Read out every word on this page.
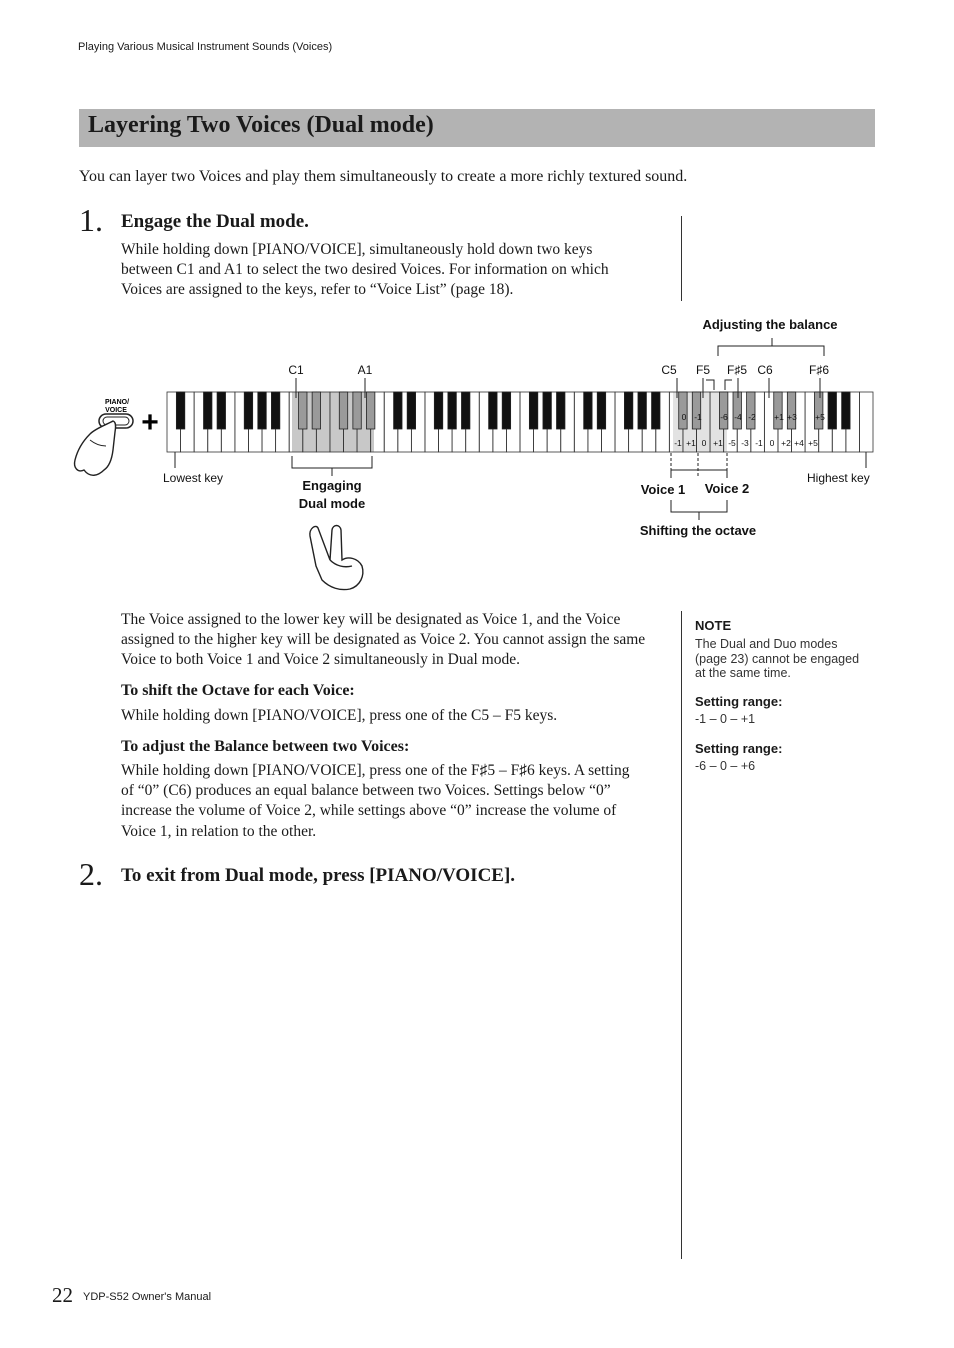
Playing Various Musical Instrument Sounds (Voices)
Layering Two Voices (Dual mode)
You can layer two Voices and play them simultaneously to create a more richly textured sound.
1. Engage the Dual mode.
While holding down [PIANO/VOICE], simultaneously hold down two keys
between C1 and A1 to select the two desired Voices. For information on which
Voices are assigned to the keys, refer to “Voice List” (page 18).
PIANO/
VOICE +
C1	A1	C5 F5 F♯5 C6	F♯6
Adjusting the balance
Lowest key	Highest key
Engaging
Dual mode
Voice 1 Voice 2
Shifting the octave
0 -1 -6 -4 -2 +1 +3 +5
-1 +1 0 +1 -5 -3 -1 0 +2 +4 +5
The Voice assigned to the lower key will be designated as Voice 1, and the Voice
assigned to the higher key will be designated as Voice 2. You cannot assign the same
Voice to both Voice 1 and Voice 2 simultaneously in Dual mode.
To shift the Octave for each Voice:
While holding down [PIANO/VOICE], press one of the C5 – F5 keys.
To adjust the Balance between two Voices:
While holding down [PIANO/VOICE], press one of the F♯5 – F♯6 keys. A setting
of “0” (C6) produces an equal balance between two Voices. Settings below “0”
increase the volume of Voice 2, while settings above “0” increase the volume of
Voice 1, in relation to the other.
2. To exit from Dual mode, press [PIANO/VOICE].
NOTE
The Dual and Duo modes
(page 23) cannot be engaged
at the same time.
Setting range:
-1 – 0 – +1
Setting range:
-6 – 0 – +6
22 YDP-S52 Owner's Manual
